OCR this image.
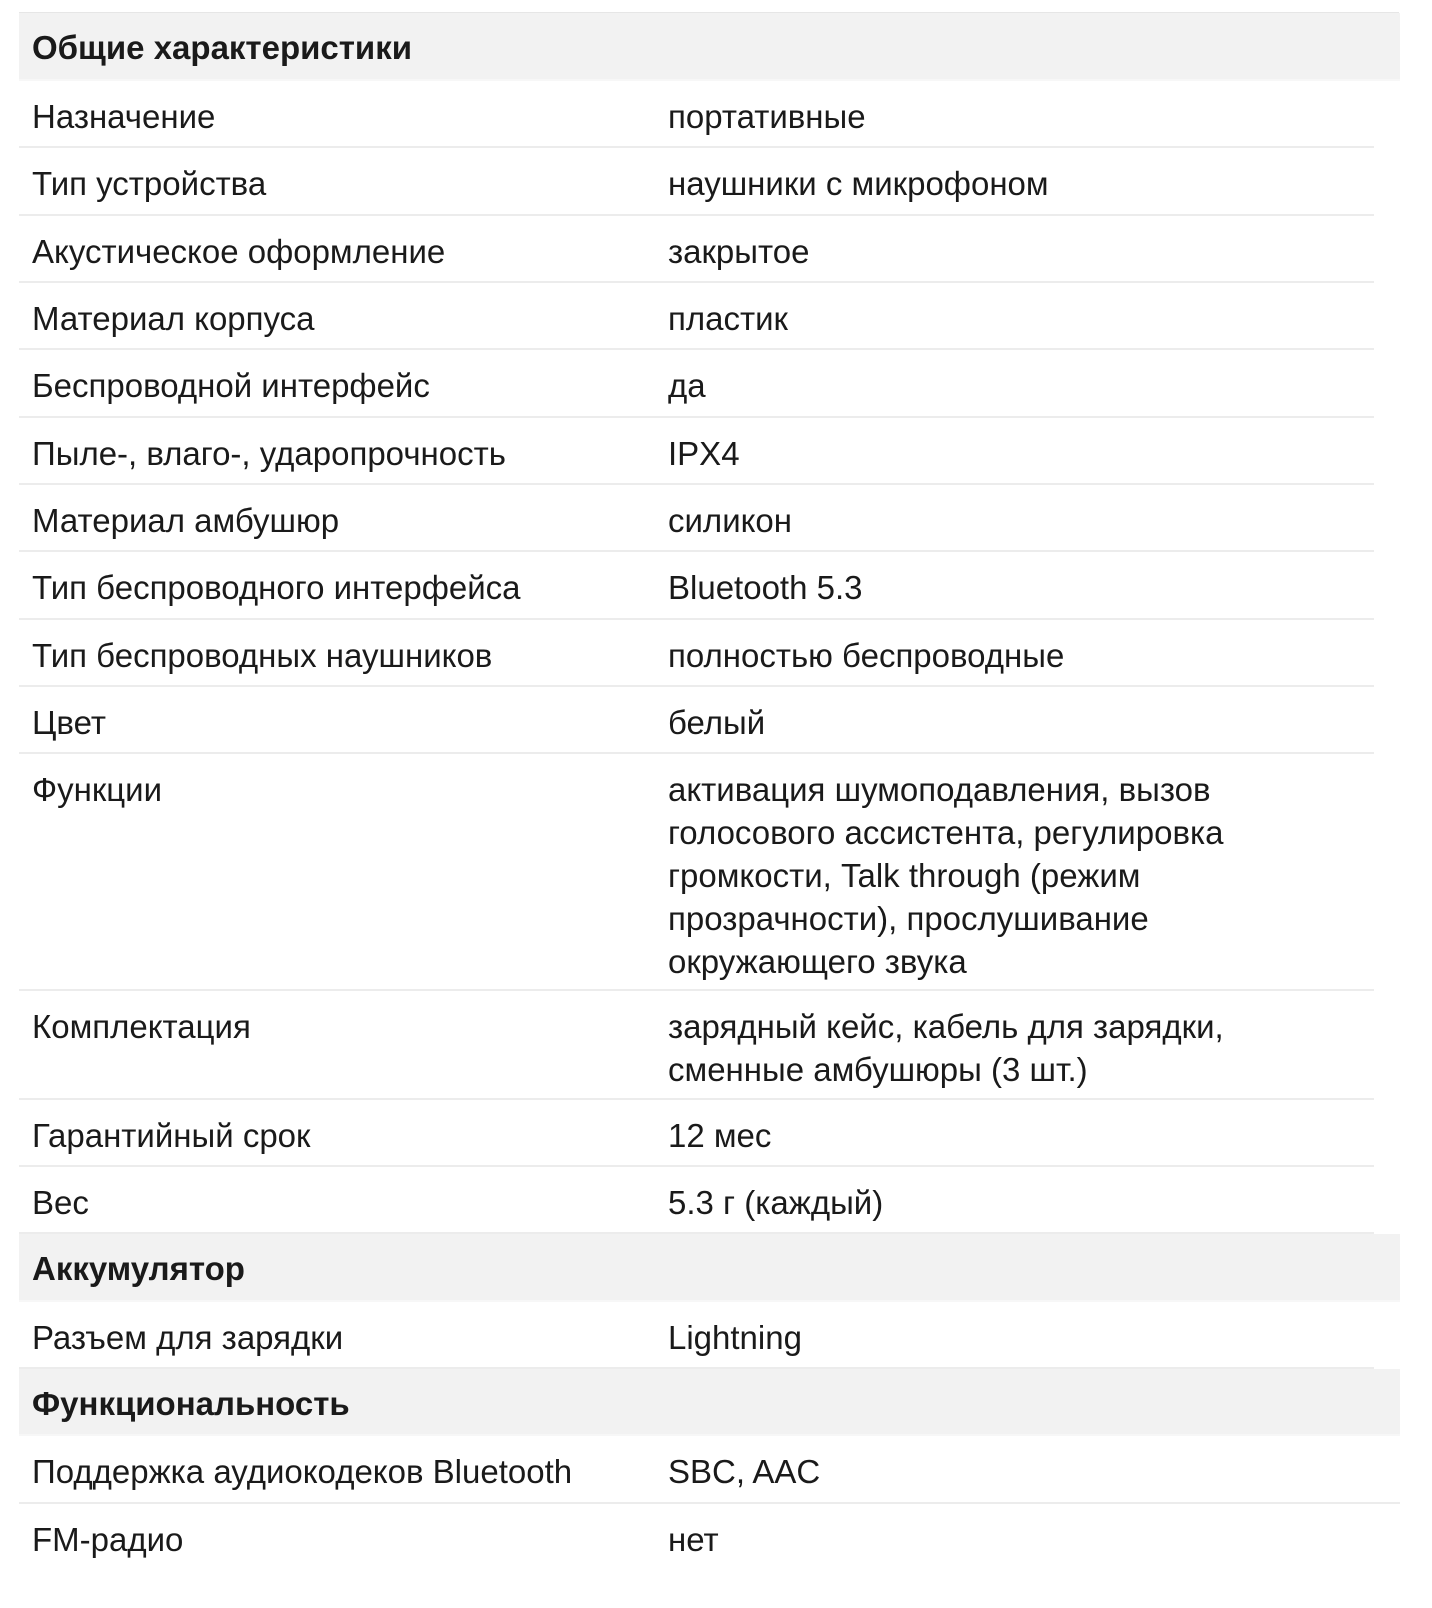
Общие характеристики
Назначение	портативные
Тип устройства	наушники с микрофоном
Акустическое оформление	закрытое
Материал корпуса	пластик
Беспроводной интерфейс	да
Пыле-, влаго-, ударопрочность	IPX4
Материал амбушюр	силикон
Тип беспроводного интерфейса	Bluetooth 5.3
Тип беспроводных наушников	полностью беспроводные
Цвет	белый
Функции	активация шумоподавления, вызов голосового ассистента, регулировка громкости, Talk through (режим прозрачности), прослушивание окружающего звука
Комплектация	зарядный кейс, кабель для зарядки, сменные амбушюры (3 шт.)
Гарантийный срок	12 мес
Вес	5.3 г (каждый)
Аккумулятор
Разъем для зарядки	Lightning
Функциональность
Поддержка аудиокодеков Bluetooth	SBC, AAC
FM-радио	нет
